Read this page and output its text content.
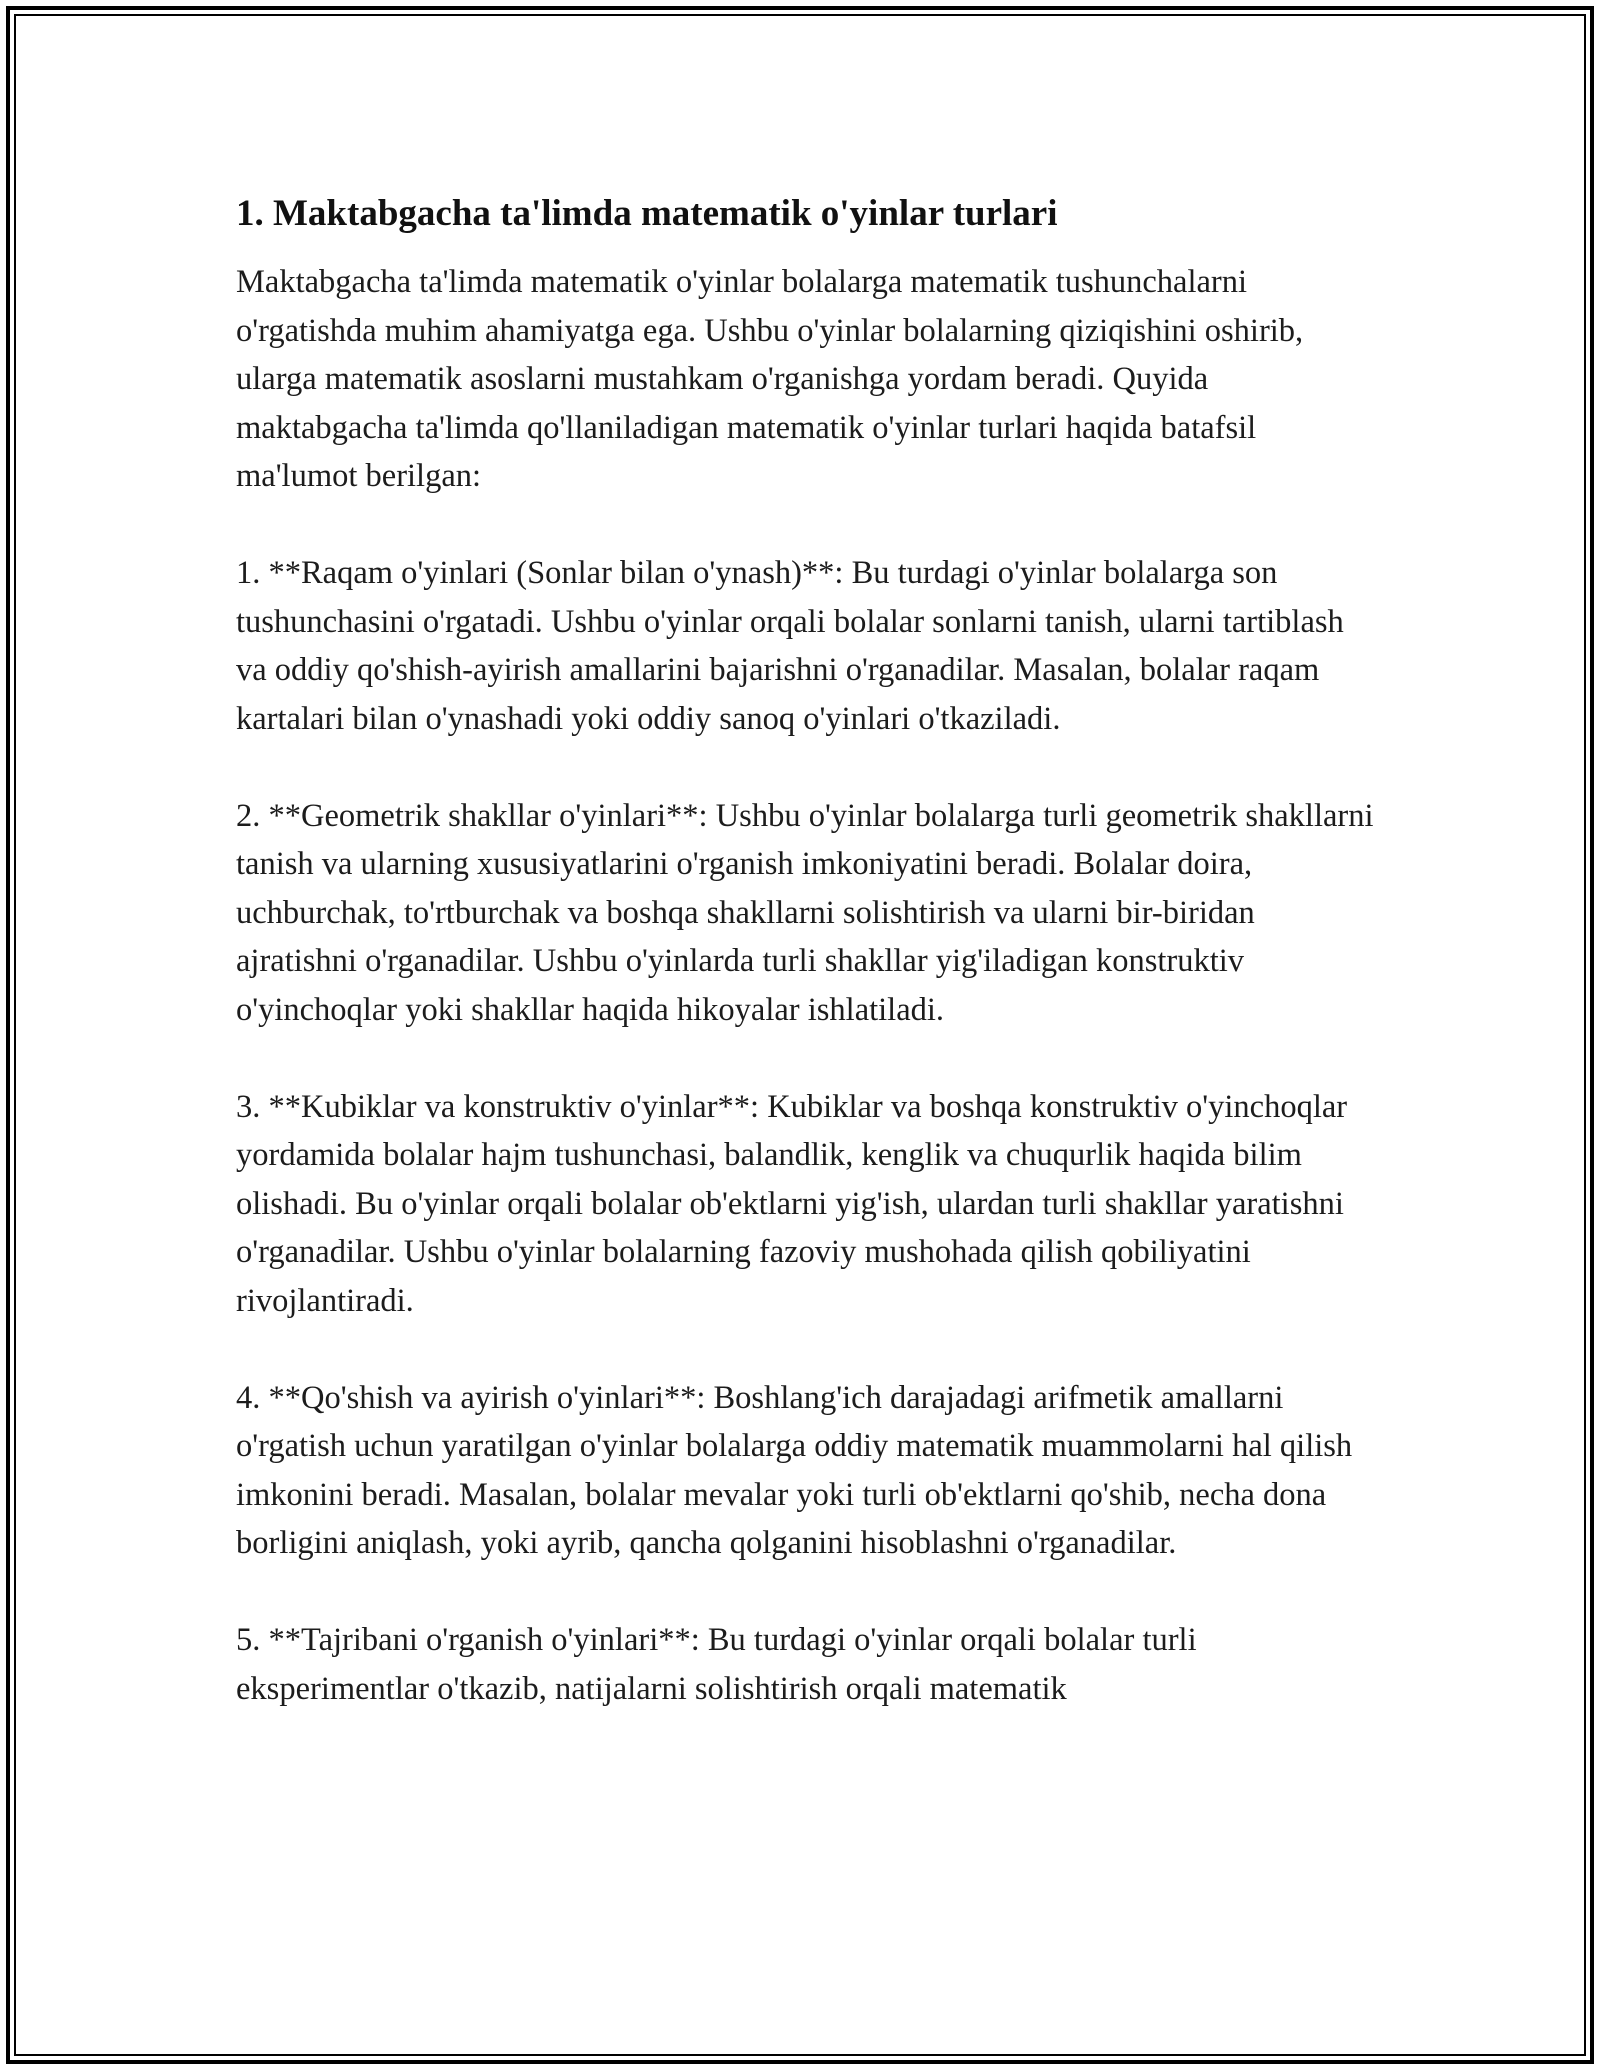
1. Maktabgacha ta'limda matematik o'yinlar turlari

Maktabgacha ta'limda matematik o'yinlar bolalarga matematik tushunchalarni o'rgatishda muhim ahamiyatga ega. Ushbu o'yinlar bolalarning qiziqishini oshirib, ularga matematik asoslarni mustahkam o'rganishga yordam beradi. Quyida maktabgacha ta'limda qo'llaniladigan matematik o'yinlar turlari haqida batafsil ma'lumot berilgan:

1. **Raqam o'yinlari (Sonlar bilan o'ynash)**: Bu turdagi o'yinlar bolalarga son tushunchasini o'rgatadi. Ushbu o'yinlar orqali bolalar sonlarni tanish, ularni tartiblash va oddiy qo'shish-ayirish amallarini bajarishni o'rganadilar. Masalan, bolalar raqam kartalari bilan o'ynashadi yoki oddiy sanoq o'yinlari o'tkaziladi.

2. **Geometrik shakllar o'yinlari**: Ushbu o'yinlar bolalarga turli geometrik shakllarni tanish va ularning xususiyatlarini o'rganish imkoniyatini beradi. Bolalar doira, uchburchak, to'rtburchak va boshqa shakllarni solishtirish va ularni bir-biridan ajratishni o'rganadilar. Ushbu o'yinlarda turli shakllar yig'iladigan konstruktiv o'yinchoqlar yoki shakllar haqida hikoyalar ishlatiladi.

3. **Kubiklar va konstruktiv o'yinlar**: Kubiklar va boshqa konstruktiv o'yinchoqlar yordamida bolalar hajm tushunchasi, balandlik, kenglik va chuqurlik haqida bilim olishadi. Bu o'yinlar orqali bolalar ob'ektlarni yig'ish, ulardan turli shakllar yaratishni o'rganadilar. Ushbu o'yinlar bolalarning fazoviy mushohada qilish qobiliyatini rivojlantiradi.

4. **Qo'shish va ayirish o'yinlari**: Boshlang'ich darajadagi arifmetik amallarni o'rgatish uchun yaratilgan o'yinlar bolalarga oddiy matematik muammolarni hal qilish imkonini beradi. Masalan, bolalar mevalar yoki turli ob'ektlarni qo'shib, necha dona borligini aniqlash, yoki ayrib, qancha qolganini hisoblashni o'rganadilar.

5. **Tajribani o'rganish o'yinlari**: Bu turdagi o'yinlar orqali bolalar turli eksperimentlar o'tkazib, natijalarni solishtirish orqali matematik
